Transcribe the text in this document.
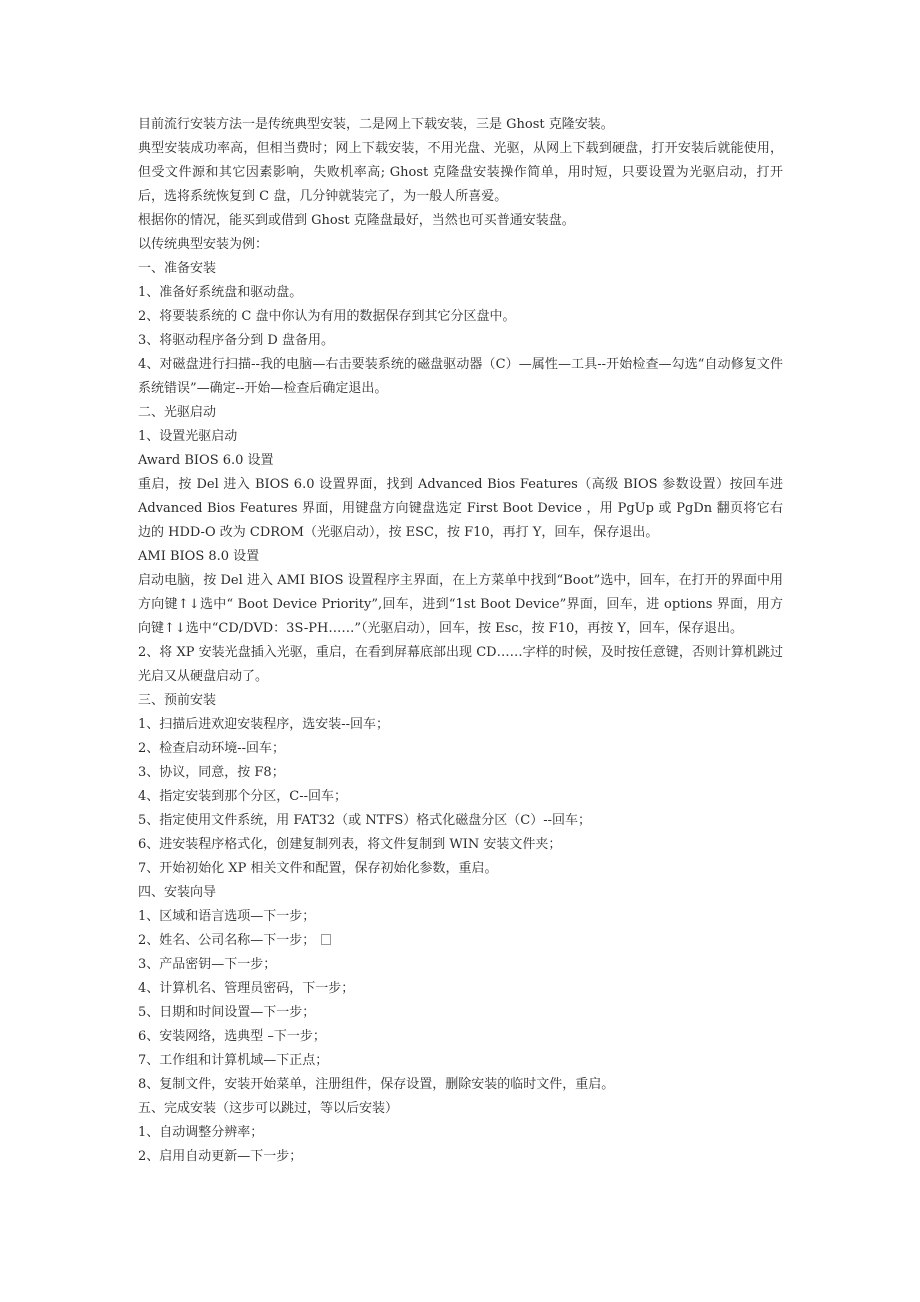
目前流行安装方法一是传统典型安装，二是网上下载安装，三是 Ghost 克隆安装。
典型安装成功率高，但相当费时；网上下载安装，不用光盘、光驱，从网上下载到硬盘，打开安装后就能使用，但受文件源和其它因素影响，失败机率高; Ghost 克隆盘安装操作简单，用时短，只要设置为光驱启动，打开后，选将系统恢复到 C 盘，几分钟就装完了，为一般人所喜爱。
根据你的情况，能买到或借到 Ghost 克隆盘最好，当然也可买普通安装盘。
以传统典型安装为例：
一、准备安装
1、准备好系统盘和驱动盘。
2、将要装系统的 C 盘中你认为有用的数据保存到其它分区盘中。
3、将驱动程序备分到 D 盘备用。
4、对磁盘进行扫描--我的电脑—右击要装系统的磁盘驱动器（C）—属性—工具--开始检查—勾选“自动修复文件系统错误”—确定--开始—检查后确定退出。
二、光驱启动
1、设置光驱启动
Award BIOS 6.0 设置
重启，按 Del 进入 BIOS 6.0 设置界面，找到 Advanced Bios Features（高级 BIOS 参数设置）按回车进 Advanced Bios Features 界面，用键盘方向键盘选定 First Boot Device ，用 PgUp 或 PgDn 翻页将它右边的 HDD-O 改为 CDROM（光驱启动），按 ESC，按 F10，再打 Y，回车，保存退出。
AMI BIOS 8.0 设置
启动电脑，按 Del 进入 AMI BIOS 设置程序主界面，在上方菜单中找到“Boot”选中，回车，在打开的界面中用方向键↑↓选中“ Boot Device Priority”,回车，进到“1st Boot Device”界面，回车，进 options 界面，用方向键↑↓选中“CD/DVD：3S-PH……”（光驱启动），回车，按 Esc，按 F10，再按 Y，回车，保存退出。
2、将 XP 安装光盘插入光驱，重启，在看到屏幕底部出现 CD……字样的时候，及时按任意键，否则计算机跳过光启又从硬盘启动了。
三、预前安装
1、扫描后进欢迎安装程序，选安装--回车；
2、检查启动环境--回车；
3、协议，同意，按 F8；
4、指定安装到那个分区，C--回车；
5、指定使用文件系统，用 FAT32（或 NTFS）格式化磁盘分区（C）--回车；
6、进安装程序格式化，创建复制列表，将文件复制到 WIN 安装文件夹；
7、开始初始化 XP 相关文件和配置，保存初始化参数，重启。
四、安装向导
1、区域和语言选项—下一步；
2、姓名、公司名称—下一步；
3、产品密钥—下一步；
4、计算机名、管理员密码，下一步；
5、日期和时间设置—下一步；
6、安装网络，选典型 –下一步；
7、工作组和计算机域—下正点；
8、复制文件，安装开始菜单，注册组件，保存设置，删除安装的临时文件，重启。
五、完成安装（这步可以跳过，等以后安装）
1、自动调整分辨率；
2、启用自动更新—下一步；
